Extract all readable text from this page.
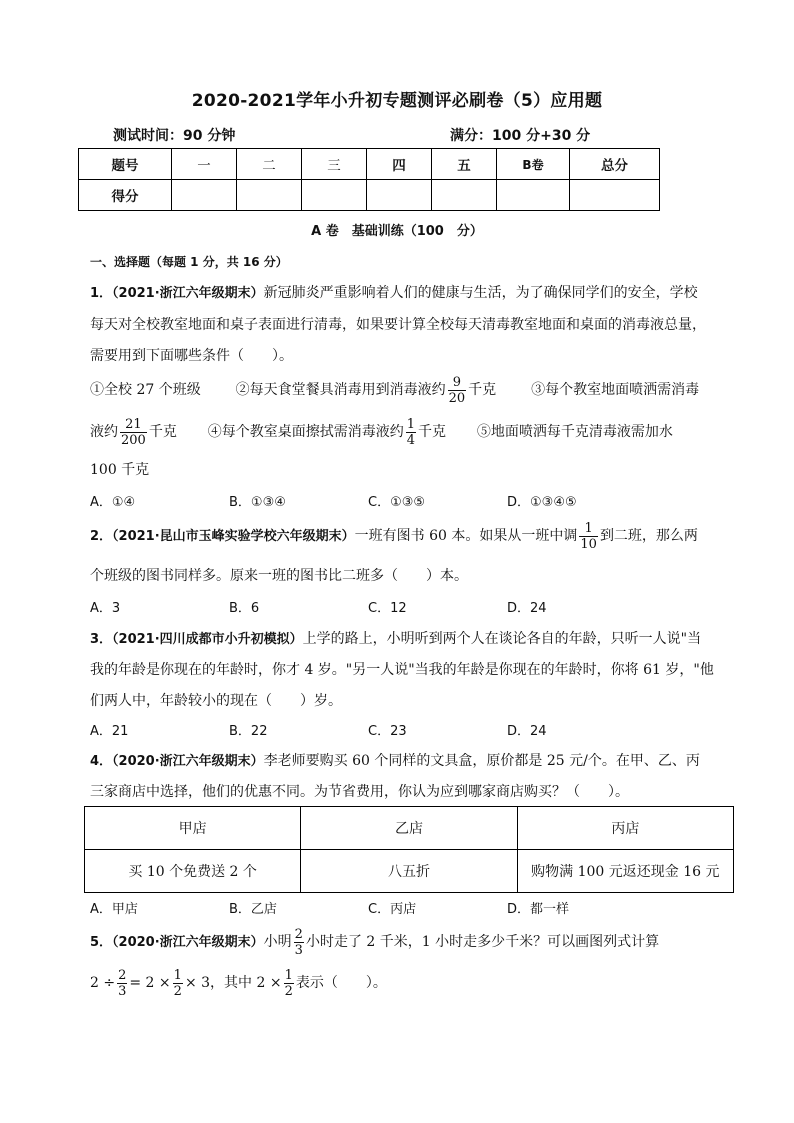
2020-2021学年小升初专题测评必刷卷（5）应用题
测试时间：90 分钟	满分：100 分+30 分
题号	一	二	三	四	五	B卷	总分
得分							
A 卷　基础训练（100　分）
一、选择题（每题 1 分，共 16 分）
1．（2021·浙江六年级期末）新冠肺炎严重影响着人们的健康与生活，为了确保同学们的安全，学校
每天对全校教室地面和桌子表面进行清毒，如果要计算全校每天清毒教室地面和桌面的消毒液总量，
需要用到下面哪些条件（　　）。
①全校 27 个班级 ②每天食堂餐具消毒用到消毒液约 $\frac{9}{20}$ 千克 ③每个教室地面喷洒需消毒
液约 $\frac{21}{200}$ 千克 ④每个教室桌面擦拭需消毒液约 $\frac{1}{4}$ 千克 ⑤地面喷洒每千克清毒液需加水
100 千克
A．①④	B．①③④	C．①③⑤	D．①③④⑤
2．（2021·昆山市玉峰实验学校六年级期末）一班有图书 60 本。如果从一班中调 $\frac{1}{10}$ 到二班，那么两
个班级的图书同样多。原来一班的图书比二班多（　　）本。
A．3	B．6	C．12	D．24
3．（2021·四川成都市小升初模拟）上学的路上，小明听到两个人在谈论各自的年龄，只听一人说"当
我的年龄是你现在的年龄时，你才 4 岁。"另一人说"当我的年龄是你现在的年龄时，你将 61 岁，"他
们两人中，年龄较小的现在（　　）岁。
A．21	B．22	C．23	D．24
4．（2020·浙江六年级期末）李老师要购买 60 个同样的文具盒，原价都是 25 元/个。在甲、乙、丙
三家商店中选择，他们的优惠不同。为节省费用，你认为应到哪家商店购买？（　　）。
甲店	乙店	丙店
买 10 个免费送 2 个	八五折	购物满 100 元返还现金 16 元
A．甲店	B．乙店	C．丙店	D．都一样
5．（2020·浙江六年级期末）小明 $\frac{2}{3}$ 小时走了 2 千米，1 小时走多少千米？可以画图列式计算
$2 \div \frac{2}{3} = 2 \times \frac{1}{2} \times 3$，其中 $2 \times \frac{1}{2}$ 表示（　　）。
